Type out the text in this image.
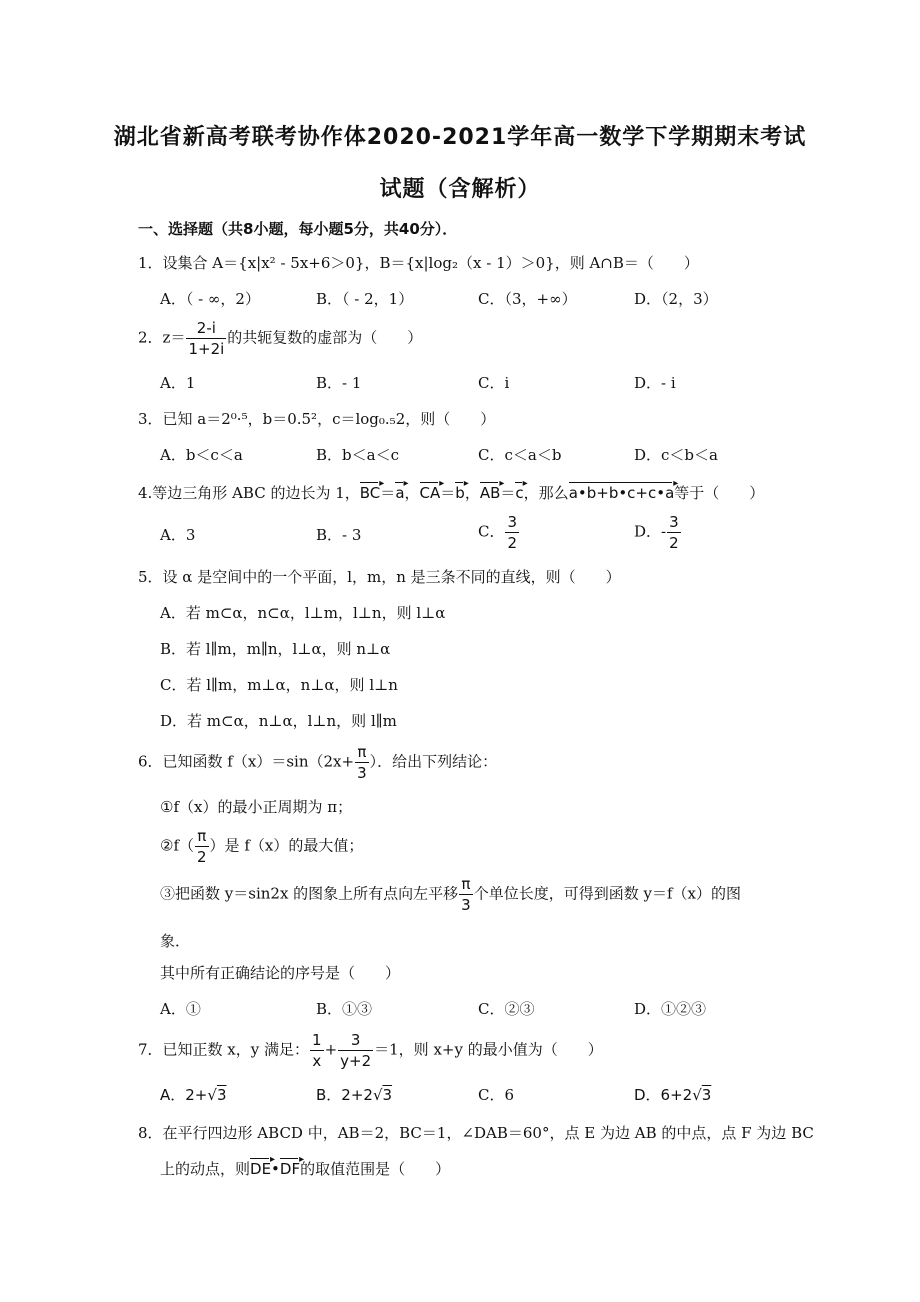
湖北省新高考联考协作体2020-2021学年高一数学下学期期末考试
试题（含解析）
一、选择题（共8小题，每小题5分，共40分）．
1．设集合 A＝{x|x² - 5x+6＞0}，B＝{x|log₂（x - 1）＞0}，则 A∩B＝（　　）
A．（ - ∞，2）	B．（ - 2，1）	C．（3，+∞）	D．（2，3）
2．$z= \frac{2-i}{1+2i}$ 的共轭复数的虚部为（　　）
A．1	B．- 1	C．i	D．- i
3．已知 a＝2⁰·⁵，b＝0.5²，c＝log₀.₅2，则（　　）
A．b＜c＜a	B．b＜a＜c	C．c＜a＜b	D．c＜b＜a
4.等边三角形 ABC 的边长为 1，BC ▸＝a ▸，CA ▸＝b ▸，AB ▸＝c ▸，那么a•b+b•c+c•a ▸等于（　　）
A．3	B．- 3	C． $\frac{3}{2}$	D．- $\frac{3}{2}$
5．设 α 是空间中的一个平面，l，m，n 是三条不同的直线，则（　　）
A．若 m⊂α，n⊂α，l⊥m，l⊥n，则 l⊥α
B．若 l∥m，m∥n，l⊥α，则 n⊥α
C．若 l∥m，m⊥α，n⊥α，则 l⊥n
D．若 m⊂α，n⊥α，l⊥n，则 l∥m
6．已知函数 $f(x)=\sin(2x+ \frac{\pi}{3}$ ）．给出下列结论：
①f（x）的最小正周期为 π；
②f（ $\frac{\pi}{2}$ ）是 f（x）的最大值；
③把函数 y＝sin2x 的图象上所有点向左平移 $\frac{\pi}{3}$ 个单位长度，可得到函数 y＝f（x）的图
象．
其中所有正确结论的序号是（　　）
A．①	B．①③	C．②③	D．①②③
7．已知正数 x，y 满足： $\frac{1}{x} + \frac{3}{y+2} =1$，则 x+y 的最小值为（　　）
A．2+√3	B．2+2√3	C．6	D．6+2√3
8．在平行四边形 ABCD 中，AB＝2，BC＝1，∠DAB＝60°，点 E 为边 AB 的中点，点 F 为边 BC
上的动点，则DE ▸•DF ▸的取值范围是（　　）
